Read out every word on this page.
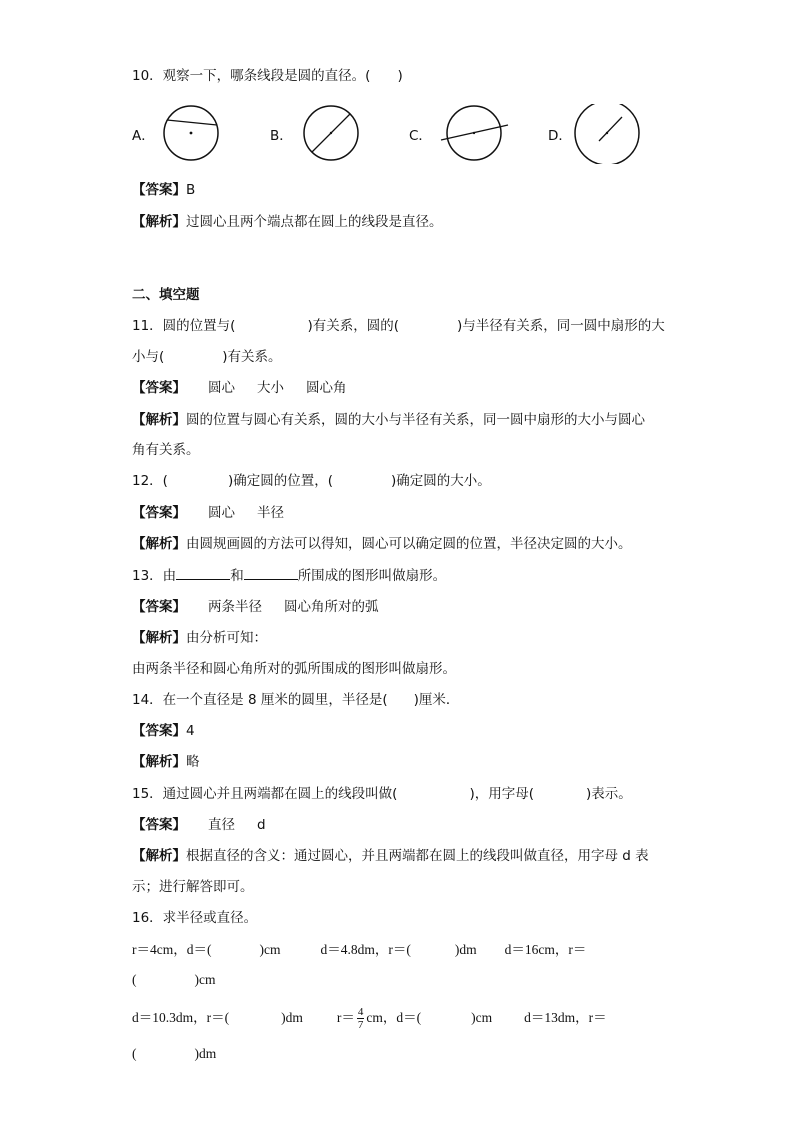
10．观察一下，哪条线段是圆的直径。(　　)
A．	B．	C．	D．
【答案】B
【解析】过圆心且两个端点都在圆上的线段是直径。
二、填空题
11．圆的位置与(	)有关系，圆的(	)与半径有关系，同一圆中扇形的大
小与(	)有关系。
【答案】 圆心 大小 圆心角
【解析】圆的位置与圆心有关系，圆的大小与半径有关系，同一圆中扇形的大小与圆心
角有关系。
12．(	)确定圆的位置，(	)确定圆的大小。
【答案】 圆心 半径
【解析】由圆规画圆的方法可以得知，圆心可以确定圆的位置，半径决定圆的大小。
13．由	和	所围成的图形叫做扇形。
【答案】 两条半径 圆心角所对的弧
【解析】由分析可知：
由两条半径和圆心角所对的弧所围成的图形叫做扇形。
14．在一个直径是 8 厘米的圆里，半径是( )厘米．
【答案】4
【解析】略
15．通过圆心并且两端都在圆上的线段叫做(	)，用字母(	)表示。
【答案】 直径 d
【解析】根据直径的含义：通过圆心，并且两端都在圆上的线段叫做直径，用字母 d 表
示；进行解答即可。
16．求半径或直径。
r＝4cm，d＝(	)cm	d＝4.8dm，r＝(	)dm d＝16cm，r＝
(	)cm
d＝10.3dm，r＝(	)dm	$r= \frac{4}{7}$ cm，d＝(	)cm d＝13dm，r＝
(	)dm
